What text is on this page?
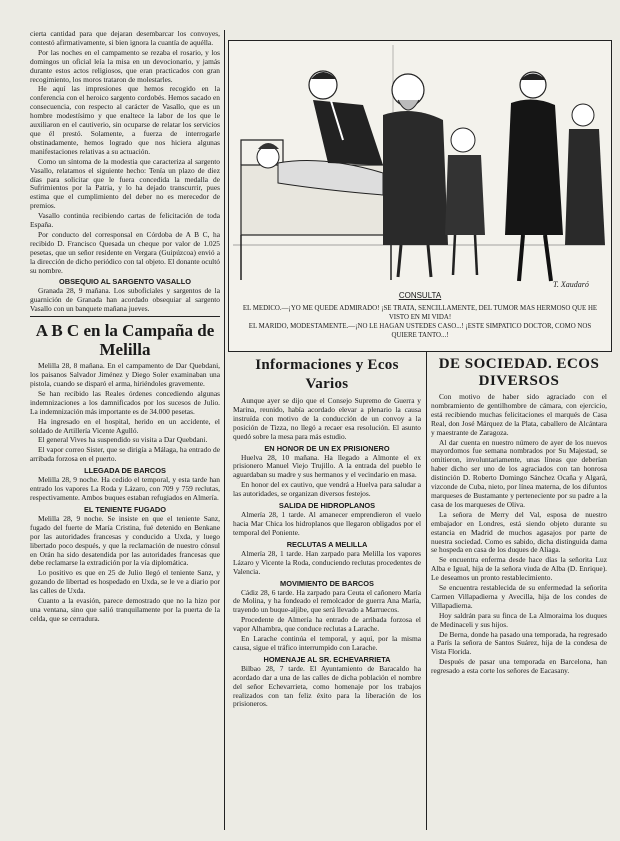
cierta cantidad para que dejaran desembarcar los convoyes, contestó afirmativamente, si bien ignora la cuantía de aquélla.

Por las noches en el campamento se rezaba el rosario, y los domingos un oficial leía la misa en un devocionario, y jamás durante estos actos religiosos, que eran practicados con gran recogimiento, los moros trataron de molestarles.

He aquí las impresiones que hemos recogido en la conferencia con el heroico sargento cordobés. Hemos sacado en consecuencia, con respecto al carácter de Vasallo, que es un hombre modestísimo y que enaltece la labor de los que le auxiliaron en el cautiverio, sin ocuparse de relatar los servicios que él prestó. Solamente, a fuerza de interrogarle obstinadamente, hemos logrado que nos hiciera algunas manifestaciones relativas a su actuación.

Como un síntoma de la modestia que caracteriza al sargento Vasallo, relatamos el siguiente hecho: Tenía un plazo de diez días para solicitar que le fuera concedida la medalla de Sufrimientos por la Patria, y lo ha dejado transcurrir, pues estima que el cumplimiento del deber no es merecedor de premios.

Vasallo continúa recibiendo cartas de felicitación de toda España.

Por conducto del corresponsal en Córdoba de A B C, ha recibido D. Francisco Quesada un cheque por valor de 1.025 pesetas, que un señor residente en Vergara (Guipúzcoa) envió a la dirección de dicho periódico con tal objeto. El donante ocultó su nombre.

OBSEQUIO AL SARGENTO VASALLO

Granada 28, 9 mañana. Los suboficiales y sargentos de la guarnición de Granada han acordado obsequiar al sargento Vasallo con un banquete mañana jueves.

A B C en la Campaña de Melilla

Melilla 28, 8 mañana. En el campamento de Dar Quebdani, los paisanos Salvador Jiménez y Diego Soler examinaban una pistola, cuando se disparó el arma, hiriéndoles gravemente.

Se han recibido las Reales órdenes concediendo algunas indemnizaciones a los damnificados por los sucesos de Julio. La indemnización más importante es de 34.000 pesetas.

Ha ingresado en el hospital, herido en un accidente, el soldado de Artillería Vicente Agulló.

El general Vives ha suspendido su visita a Dar Quebdani.

El vapor correo Sister, que se dirigía a Málaga, ha entrado de arribada forzosa en el puerto.

LLEGADA DE BARCOS

Melilla 28, 9 noche. Ha cedido el temporal, y esta tarde han entrado los vapores La Roda y Lázaro, con 709 y 759 reclutas, respectivamente. Ambos buques estaban refugiados en Almería.

EL TENIENTE FUGADO

Melilla 28, 9 noche. Se insiste en que el teniente Sanz, fugado del fuerte de María Cristina, fué detenido en Benkane por las autoridades francesas y conducido a Uxda, y luego libertado poco después, y que la reclamación de nuestro cónsul en Orán ha sido desatendida por las autoridades francesas que debe reclamarse la extradición por la vía diplomática.

Lo positivo es que en 25 de Julio llegó el teniente Sanz, y gozando de libertad es hospedado en Uxda, se le ve a diario por las calles de Uxda.

Cuanto a la evasión, parece demostrado que no la hizo por una ventana, sino que salió tranquilamente por la puerta de la celda, que se cerradura.

T. Xaudaró
CONSULTA
EL MEDICO.—¡YO ME QUEDE ADMIRADO! ¡SE TRATA, SENCILLAMENTE, DEL TUMOR MAS HERMOSO QUE HE VISTO EN MI VIDA!
EL MARIDO, MODESTAMENTE.—¡NO LE HAGAN USTEDES CASO...! ¡ESTE SIMPATICO DOCTOR, COMO NOS QUIERE TANTO...!
Informaciones y Ecos Varios

Aunque ayer se dijo que el Consejo Supremo de Guerra y Marina, reunido, había acordado elevar a plenario la causa instruída con motivo de la conducción de un convoy a la posición de Tizza, no llegó a recaer esa resolución. El asunto quedó sobre la mesa para más estudio.

EN HONOR DE UN EX PRISIONERO

Huelva 28, 10 mañana. Ha llegado a Almonte el ex prisionero Manuel Viejo Trujillo. A la entrada del pueblo le aguardaban su madre y sus hermanos y el vecindario en masa.

En honor del ex cautivo, que vendrá a Huelva para saludar a las autoridades, se organizan diversos festejos.

SALIDA DE HIDROPLANOS

Almería 28, 1 tarde. Al amanecer emprendieron el vuelo hacia Mar Chica los hidroplanos que llegaron obligados por el temporal del Poniente.

RECLUTAS A MELILLA

Almería 28, 1 tarde. Han zarpado para Melilla los vapores Lázaro y Vicente la Roda, conduciendo reclutas procedentes de Valencia.

MOVIMIENTO DE BARCOS

Cádiz 28, 6 tarde. Ha zarpado para Ceuta el cañonero María de Molina, y ha fondeado el remolcador de guerra Ana María, trayendo un buque-aljibe, que será llevado a Marruecos.

Procedente de Almería ha entrado de arribada forzosa el vapor Alhambra, que conduce reclutas a Larache.

En Larache continúa el temporal, y aquí, por la misma causa, sigue el tráfico interrumpido con Larache.

HOMENAJE AL SR. ECHEVARRIETA

Bilbao 28, 7 tarde. El Ayuntamiento de Baracaldo ha acordado dar a una de las calles de dicha población el nombre del señor Echevarrieta, como homenaje por los trabajos realizados con tan feliz éxito para la liberación de los prisioneros.

DE SOCIEDAD. ECOS DIVERSOS

Con motivo de haber sido agraciado con el nombramiento de gentilhombre de cámara, con ejercicio, está recibiendo muchas felicitaciones el marqués de Casa Real, don José Márquez de la Plata, caballero de Alcántara y maestrante de Zaragoza.

Al dar cuenta en nuestro número de ayer de los nuevos mayordomos fue semana nombrados por Su Majestad, se omitieron, involuntariamente, unas líneas que deberían haber dicho ser uno de los agraciados con tan honrosa distinción D. Roberto Domingo Sánchez Ocaña y Algará, vizconde de Cuba, nieto, por línea materna, de los difuntos marqueses de Bustamante y perteneciente por su padre a la casa de los marqueses de Oliva.

La señora de Merry del Val, esposa de nuestro embajador en Londres, está siendo objeto durante su estancia en Madrid de muchos agasajos por parte de nuestra sociedad. Como es sabido, dicha distinguida dama se hospeda en casa de los duques de Aliaga.

Se encuentra enferma desde hace días la señorita Luz Alba e Igual, hija de la señora viuda de Alba (D. Enrique). Le deseamos un pronto restablecimiento.

Se encuentra restablecida de su enfermedad la señorita Carmen Villapadierna y Avecilla, hija de los condes de Villapadierna.

Hoy saldrán para su finca de La Almoraima los duques de Medinaceli y sus hijos.

De Berna, donde ha pasado una temporada, ha regresado a París la señora de Santos Suárez, hija de la condesa de Vista Florida.

Después de pasar una temporada en Barcelona, han regresado a esta corte los señores de Eacasany.
